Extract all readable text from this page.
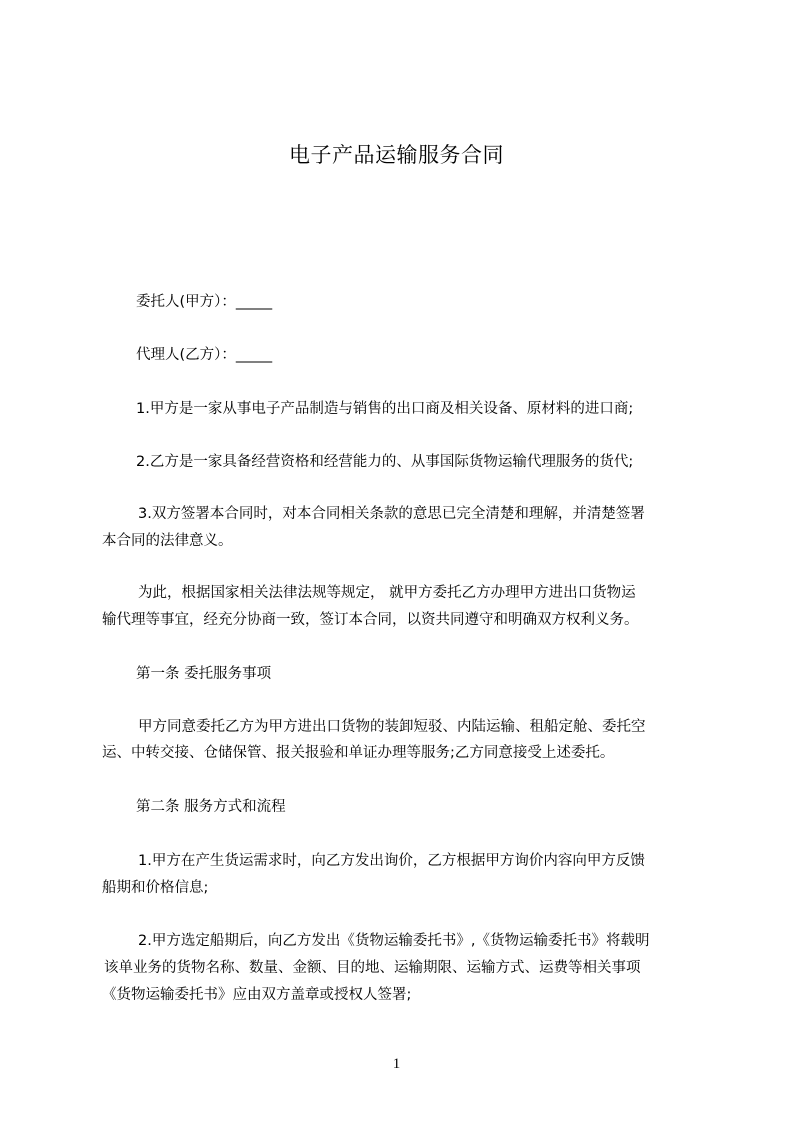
电子产品运输服务合同
委托人(甲方）：_____
代理人(乙方）：_____
1.甲方是一家从事电子产品制造与销售的出口商及相关设备、原材料的进口商;
2.乙方是一家具备经营资格和经营能力的、从事国际货物运输代理服务的货代;
3.双方签署本合同时，对本合同相关条款的意思已完全清楚和理解，并清楚签署
本合同的法律意义。
为此，根据国家相关法律法规等规定， 就甲方委托乙方办理甲方进出口货物运
输代理等事宜，经充分协商一致，签订本合同，以资共同遵守和明确双方权利义务。
第一条 委托服务事项
甲方同意委托乙方为甲方进出口货物的装卸短驳、内陆运输、租船定舱、委托空
运、中转交接、仓储保管、报关报验和单证办理等服务;乙方同意接受上述委托。
第二条 服务方式和流程
1.甲方在产生货运需求时，向乙方发出询价，乙方根据甲方询价内容向甲方反馈
船期和价格信息;
2.甲方选定船期后，向乙方发出《货物运输委托书》,《货物运输委托书》将载明
该单业务的货物名称、数量、金额、目的地、运输期限、运输方式、运费等相关事项
《货物运输委托书》应由双方盖章或授权人签署;
1
